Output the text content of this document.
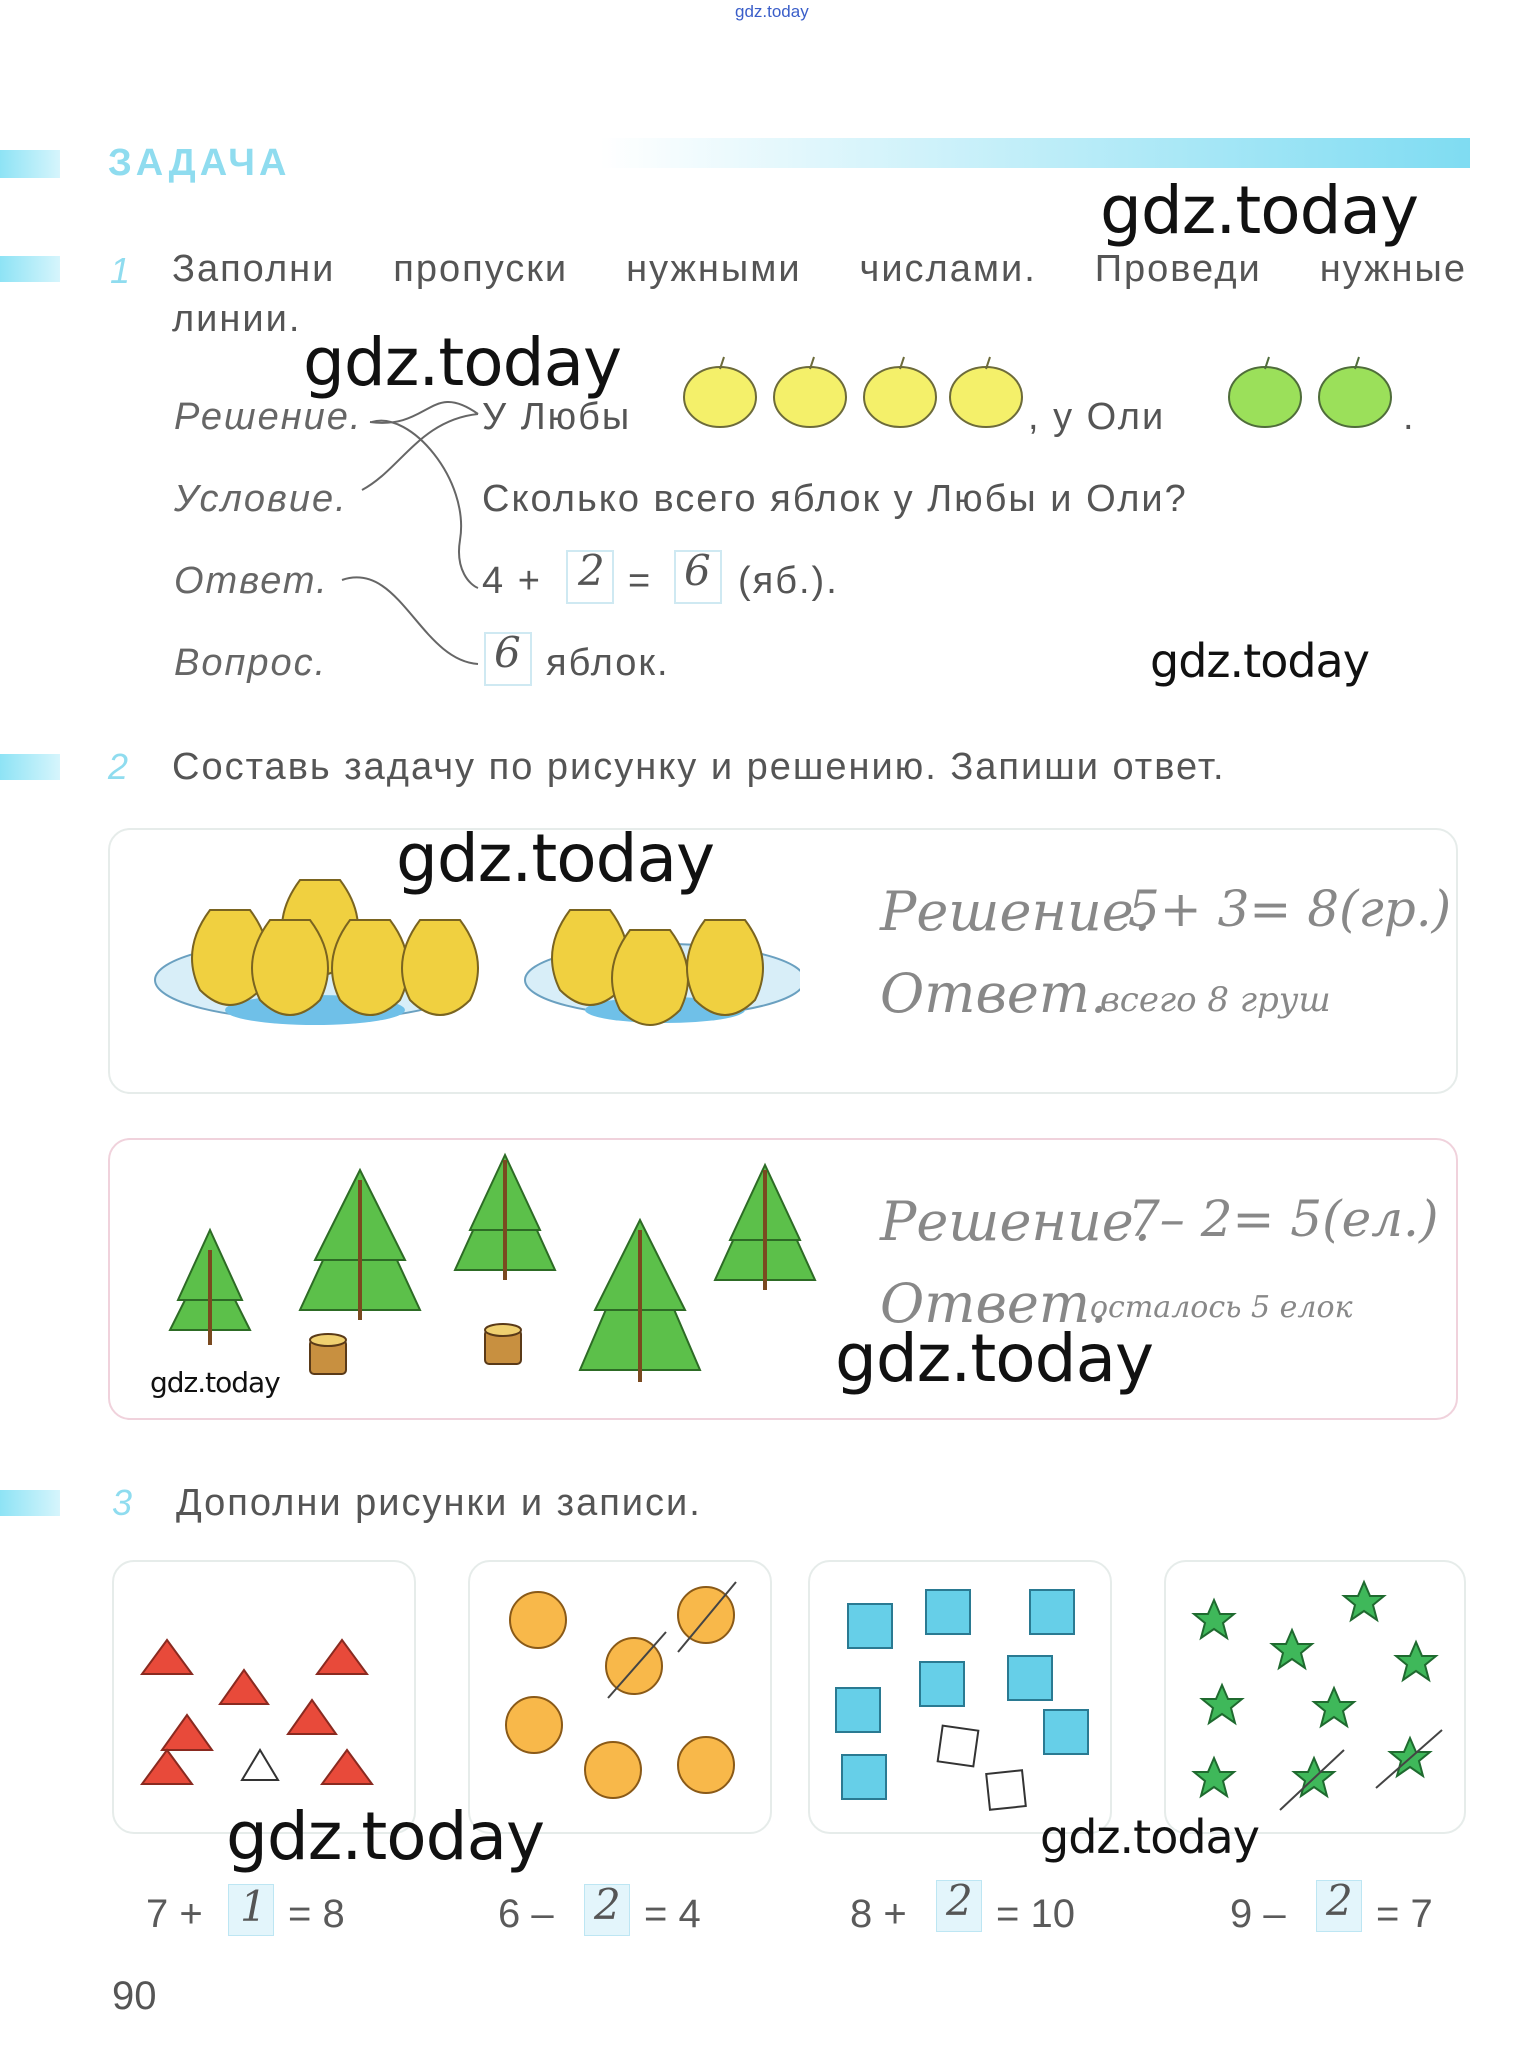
gdz.today
ЗАДАЧА
gdz.today
1 Заполни пропуски нужными числами. Проведи нужные
линии.
gdz.today
Решение.
Условие.
Ответ.
Вопрос.
У Любы	, у Оли	.
Сколько всего яблок у Любы и Оли?
4 + 2 = 6 (яб.).
6 яблок.	gdz.today
2 Составь задачу по рисунку и решению. Запиши ответ.
gdz.today
Решение.
5+ 3= 8(гр.)
Ответ.
всего 8 груш
gdz.today
Решение.
7– 2= 5(ел.)
Ответ.
осталось 5 елок
gdz.today
3 Дополни рисунки и записи.
gdz.today	gdz.today
7 + 1 = 8	6 – 2 = 4	8 + 2 = 10	9 – 2 = 7
90
